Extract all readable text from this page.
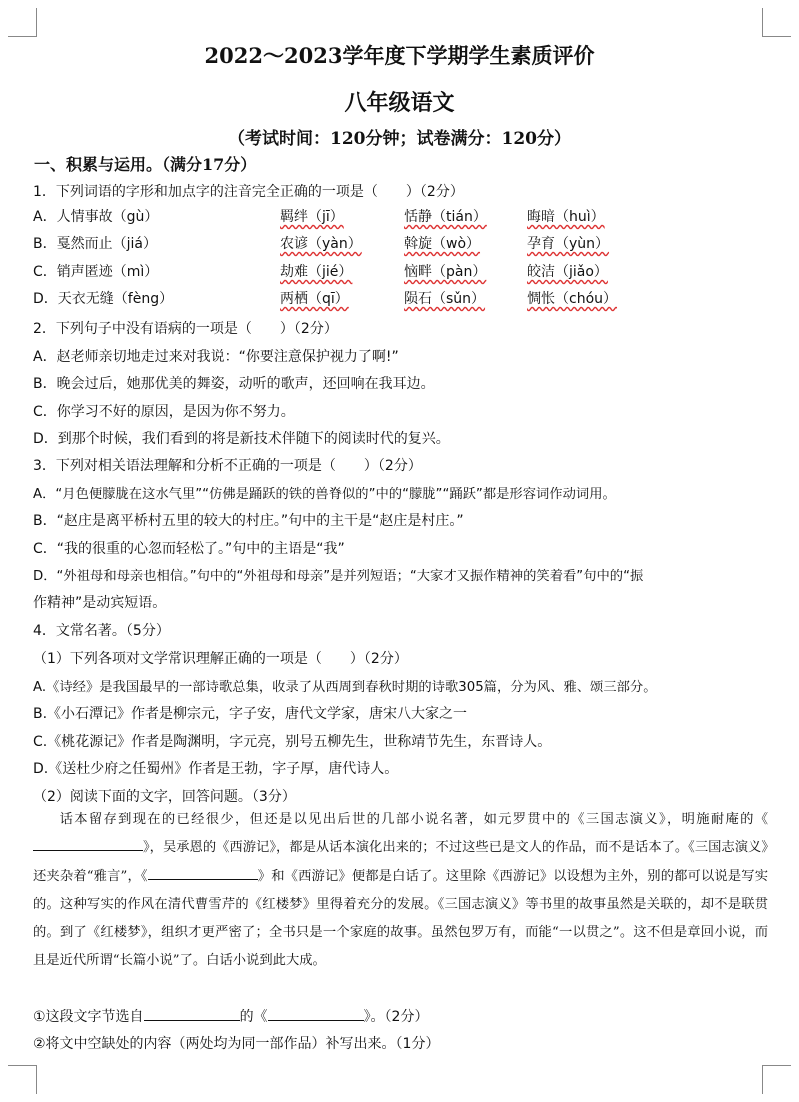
2022～2023学年度下学期学生素质评价
八年级语文
（考试时间：120分钟；试卷满分：120分）
一、积累与运用。（满分17分）
1．下列词语的字形和加点字的注音完全正确的一项是（　　）（2分）
A．人情事故（gù）	羁绊（jī）	恬静（tián）	晦暗（huì）
B．戛然而止（jiá）	农谚（yàn）	斡旋（wò）	孕育（yùn）
C．销声匿迹（mì）	劫难（jié）	恼畔（pàn）	皎洁（jiǎo）
D．天衣无缝（fèng）	两栖（qī）	陨石（sǔn）	惆怅（chóu）
2．下列句子中没有语病的一项是（　　）（2分）
A．赵老师亲切地走过来对我说：“你要注意保护视力了啊!”
B．晚会过后，她那优美的舞姿，动听的歌声，还回响在我耳边。
C．你学习不好的原因，是因为你不努力。
D．到那个时候，我们看到的将是新技术伴随下的阅读时代的复兴。
3．下列对相关语法理解和分析不正确的一项是（　　）（2分）
A．“月色便朦胧在这水气里”“仿佛是踊跃的铁的兽脊似的”中的“朦胧”“踊跃”都是形容词作动词用。
B．“赵庄是离平桥村五里的较大的村庄。”句中的主干是“赵庄是村庄。”
C．“我的很重的心忽而轻松了。”句中的主语是“我”
D．“外祖母和母亲也相信。”句中的“外祖母和母亲”是并列短语；“大家才又振作精神的笑着看”句中的“振
作精神”是动宾短语。
4．文常名著。（5分）
（1）下列各项对文学常识理解正确的一项是（　　）（2分）
A.《诗经》是我国最早的一部诗歌总集，收录了从西周到春秋时期的诗歌305篇，分为风、雅、颂三部分。
B.《小石潭记》作者是柳宗元，字子安，唐代文学家，唐宋八大家之一
C.《桃花源记》作者是陶渊明，字元亮，别号五柳先生，世称靖节先生，东晋诗人。
D.《送杜少府之任蜀州》作者是王勃，字子厚，唐代诗人。
（2）阅读下面的文字，回答问题。（3分）

话本留存到现在的已经很少，但还是以见出后世的几部小说名著，如元罗贯中的《三国志演义》，明施耐庵的《》，吴承恩的《西游记》，都是从话本演化出来的；不过这些已是文人的作品，而不是话本了。《三国志演义》还夹杂着“雅言”，《	》和《西游记》便都是白话了。这里除《西游记》以设想为主外，别的都可以说是写实的。这种写实的作风在清代曹雪芹的《红楼梦》里得着充分的发展。《三国志演义》等书里的故事虽然是关联的，却不是联贯的。到了《红楼梦》，组织才更严密了；全书只是一个家庭的故事。虽然包罗万有，而能“一以贯之”。这不但是章回小说，而且是近代所谓“长篇小说”了。白话小说到此大成。

①这段文字节选自	的《	》。（2分）
②将文中空缺处的内容（两处均为同一部作品）补写出来。（1分）
